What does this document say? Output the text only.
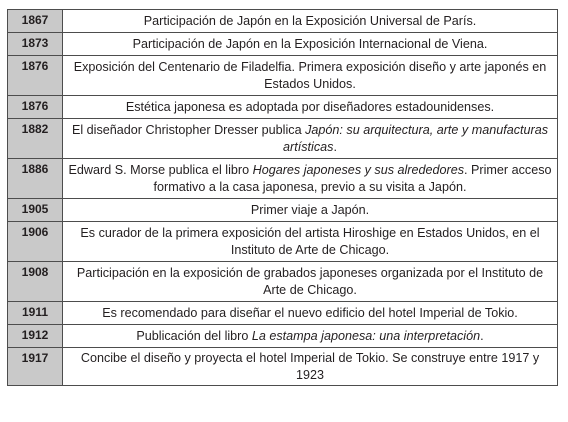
1867	Participación de Japón en la Exposición Universal de París.
1873	Participación de Japón en la Exposición Internacional de Viena.
1876	Exposición del Centenario de Filadelfia. Primera exposición diseño y arte japonés en Estados Unidos.
1876	Estética japonesa es adoptada por diseñadores estadounidenses.
1882	El diseñador Christopher Dresser publica Japón: su arquitectura, arte y manufacturas artísticas.
1886	Edward S. Morse publica el libro Hogares japoneses y sus alrededores. Primer acceso formativo a la casa japonesa, previo a su visita a Japón.
1905	Primer viaje a Japón.
1906	Es curador de la primera exposición del artista Hiroshige en Estados Unidos, en el Instituto de Arte de Chicago.
1908	Participación en la exposición de grabados japoneses organizada por el Instituto de Arte de Chicago.
1911	Es recomendado para diseñar el nuevo edificio del hotel Imperial de Tokio.
1912	Publicación del libro La estampa japonesa: una interpretación.
1917	Concibe el diseño y proyecta el hotel Imperial de Tokio. Se construye entre 1917 y 1923
